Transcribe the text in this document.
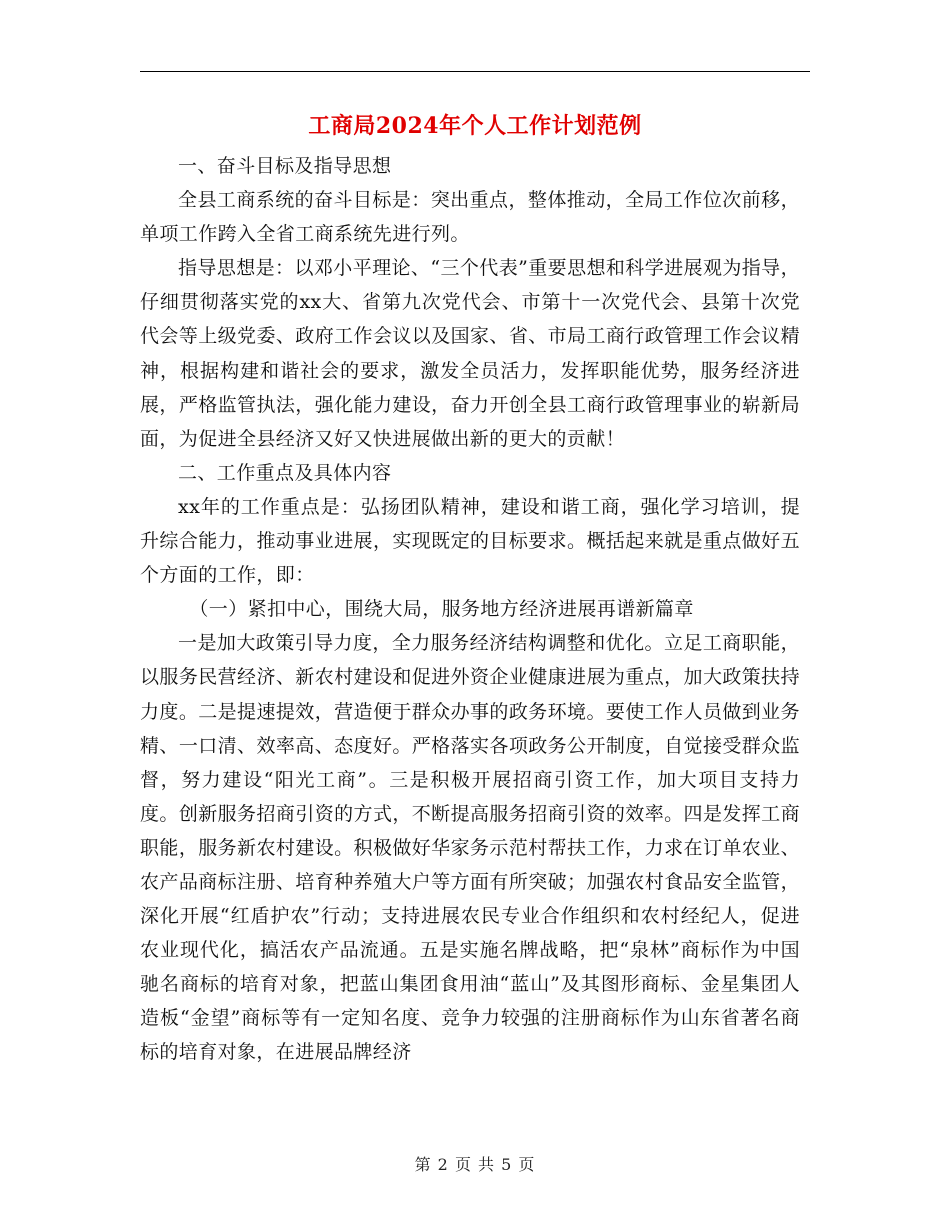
工商局2024年个人工作计划范例

一、奋斗目标及指导思想

全县工商系统的奋斗目标是：突出重点，整体推动，全局工作位次前移，单项工作跨入全省工商系统先进行列。

指导思想是：以邓小平理论、“三个代表”重要思想和科学进展观为指导，仔细贯彻落实党的xx大、省第九次党代会、市第十一次党代会、县第十次党代会等上级党委、政府工作会议以及国家、省、市局工商行政管理工作会议精神，根据构建和谐社会的要求，激发全员活力，发挥职能优势，服务经济进展，严格监管执法，强化能力建设，奋力开创全县工商行政管理事业的崭新局面，为促进全县经济又好又快进展做出新的更大的贡献！

二、工作重点及具体内容

xx年的工作重点是：弘扬团队精神，建设和谐工商，强化学习培训，提升综合能力，推动事业进展，实现既定的目标要求。概括起来就是重点做好五个方面的工作，即：

（一）紧扣中心，围绕大局，服务地方经济进展再谱新篇章

一是加大政策引导力度，全力服务经济结构调整和优化。立足工商职能，以服务民营经济、新农村建设和促进外资企业健康进展为重点，加大政策扶持力度。二是提速提效，营造便于群众办事的政务环境。要使工作人员做到业务精、一口清、效率高、态度好。严格落实各项政务公开制度，自觉接受群众监督，努力建设“阳光工商”。三是积极开展招商引资工作，加大项目支持力度。创新服务招商引资的方式，不断提高服务招商引资的效率。四是发挥工商职能，服务新农村建设。积极做好华家务示范村帮扶工作，力求在订单农业、农产品商标注册、培育种养殖大户等方面有所突破；加强农村食品安全监管，深化开展“红盾护农”行动；支持进展农民专业合作组织和农村经纪人，促进农业现代化，搞活农产品流通。五是实施名牌战略，把“泉林”商标作为中国驰名商标的培育对象，把蓝山集团食用油“蓝山”及其图形商标、金星集团人造板“金望”商标等有一定知名度、竞争力较强的注册商标作为山东省著名商标的培育对象，在进展品牌经济

第 2 页 共 5 页
